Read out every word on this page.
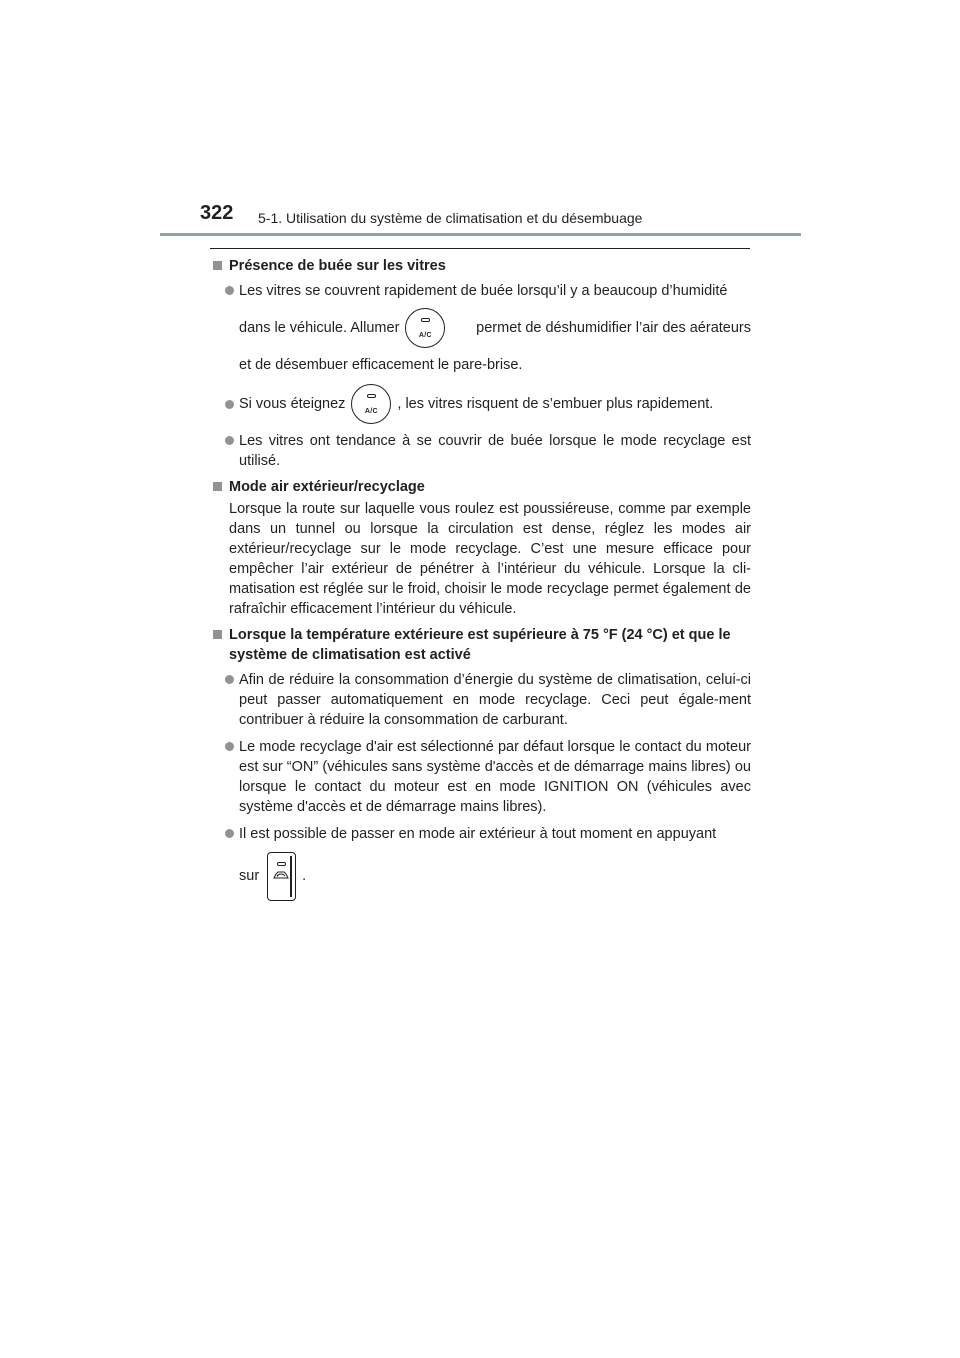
322 5-1. Utilisation du système de climatisation et du désembuage
Présence de buée sur les vitres
Les vitres se couvrent rapidement de buée lorsqu’il y a beaucoup d’humidité
dans le véhicule. Allumer	A/C	permet de déshumidifier l’air des aérateurs
et de désembuer efficacement le pare-brise.
Si vous éteignez	A/C	, les vitres risquent de s’embuer plus rapidement.
Les vitres ont tendance à se couvrir de buée lorsque le mode recyclage est utilisé.
Mode air extérieur/recyclage
Lorsque la route sur laquelle vous roulez est poussiéreuse, comme par exemple dans un tunnel ou lorsque la circulation est dense, réglez les modes air extérieur/recyclage sur le mode recyclage. C’est une mesure efficace pour empêcher l’air extérieur de pénétrer à l’intérieur du véhicule. Lorsque la cli-matisation est réglée sur le froid, choisir le mode recyclage permet également de rafraîchir efficacement l’intérieur du véhicule.
Lorsque la température extérieure est supérieure à 75 °F (24 °C) et que le système de climatisation est activé
Afin de réduire la consommation d’énergie du système de climatisation, celui-ci peut passer automatiquement en mode recyclage. Ceci peut égale-ment contribuer à réduire la consommation de carburant.
Le mode recyclage d'air est sélectionné par défaut lorsque le contact du moteur est sur “ON” (véhicules sans système d'accès et de démarrage mains libres) ou lorsque le contact du moteur est en mode IGNITION ON (véhicules avec système d'accès et de démarrage mains libres).
Il est possible de passer en mode air extérieur à tout moment en appuyant
sur	.
